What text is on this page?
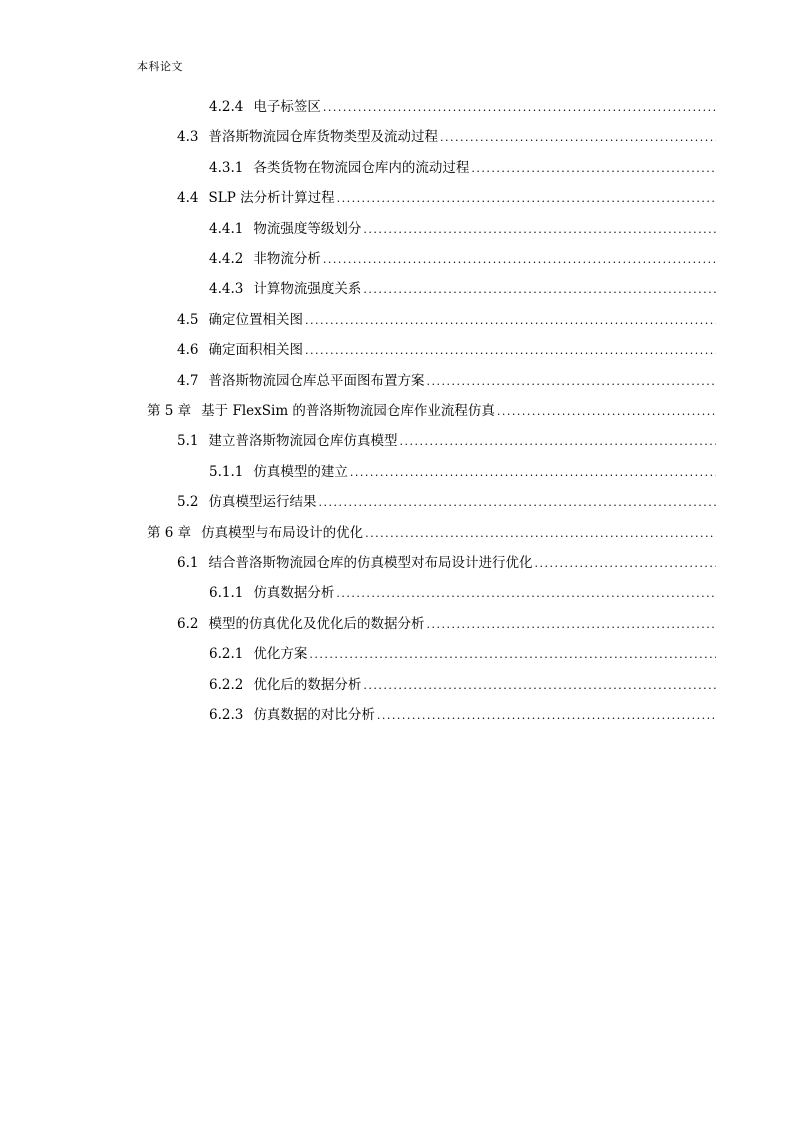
本科论文
4.2.4 电子标签区
.....
4.3 普洛斯物流园仓库货物类型及流动过程
.....
4.3.1 各类货物在物流园仓库内的流动过程
.....
4.4 SLP 法分析计算过程
.....
4.4.1 物流强度等级划分
.....
4.4.2 非物流分析
.....
4.4.3 计算物流强度关系
.....
4.5 确定位置相关图
.....
4.6 确定面积相关图
.....
4.7 普洛斯物流园仓库总平面图布置方案
.....
第 5 章 基于 FlexSim 的普洛斯物流园仓库作业流程仿真
.....
5.1 建立普洛斯物流园仓库仿真模型
.....
5.1.1 仿真模型的建立
.....
5.2 仿真模型运行结果
.....
第 6 章 仿真模型与布局设计的优化
.....
6.1 结合普洛斯物流园仓库的仿真模型对布局设计进行优化
.....
6.1.1 仿真数据分析
.....
6.2 模型的仿真优化及优化后的数据分析
.....
6.2.1 优化方案
.....
6.2.2 优化后的数据分析
.....
6.2.3 仿真数据的对比分析
.....
